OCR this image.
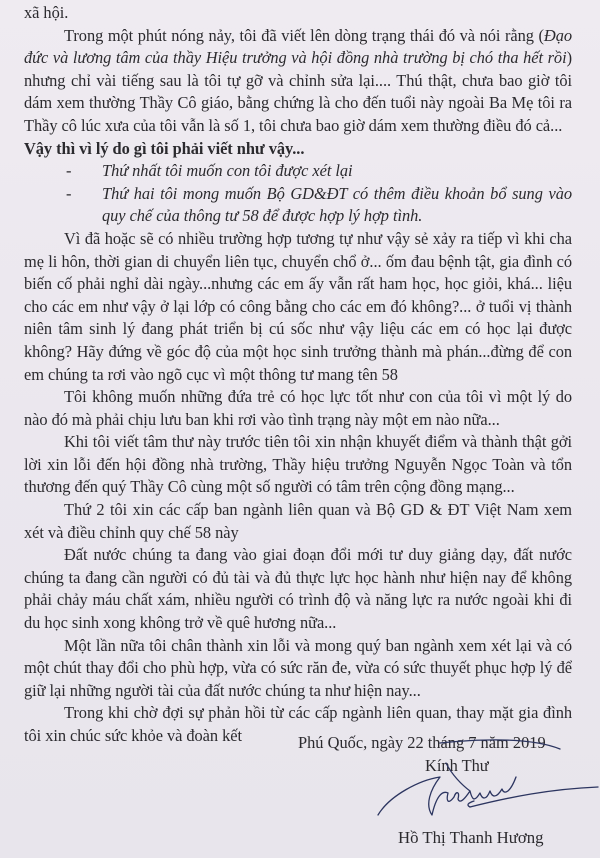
xã hội.

Trong một phút nóng nảy, tôi đã viết lên dòng trạng thái đó và nói rằng (Đạo đức và lương tâm của thầy Hiệu trưởng và hội đồng nhà trường bị chó tha hết rồi) nhưng chỉ vài tiếng sau là tôi tự gỡ và chỉnh sửa lại.... Thú thật, chưa bao giờ tôi dám xem thường Thầy Cô giáo, bằng chứng là cho đến tuổi này ngoài Ba Mẹ tôi ra Thầy cô lúc xưa của tôi vẫn là số 1, tôi chưa bao giờ dám xem thường điều đó cả...

Vậy thì vì lý do gì tôi phải viết như vậy...

- Thứ nhất tôi muốn con tôi được xét lại
- Thứ hai tôi mong muốn Bộ GD&ĐT có thêm điều khoản bổ sung vào quy chế của thông tư 58 để được hợp lý hợp tình.

Vì đã hoặc sẽ có nhiều trường hợp tương tự như vậy sẻ xảy ra tiếp vì khi cha mẹ li hôn, thời gian di chuyển liên tục, chuyển chổ ở... ốm đau bệnh tật, gia đình có biến cố phải nghỉ dài ngày...nhưng các em ấy vẫn rất ham học, học giỏi, khá... liệu cho các em như vậy ở lại lớp có công bằng cho các em đó không?... ở tuổi vị thành niên tâm sinh lý đang phát triển bị cú sốc như vậy liệu các em có học lại được không? Hãy đứng về góc độ của một học sinh trưởng thành mà phán...đừng để con em chúng ta rơi vào ngõ cục vì một thông tư mang tên 58

Tôi không muốn những đứa trẻ có học lực tốt như con của tôi vì một lý do nào đó mà phải chịu lưu ban khi rơi vào tình trạng này một em nào nữa...

Khi tôi viết tâm thư này trước tiên tôi xin nhận khuyết điểm và thành thật gởi lời xin lỗi đến hội đồng nhà trường, Thầy hiệu trưởng Nguyễn Ngọc Toàn và tổn thương đến quý Thầy Cô cùng một số người có tâm trên cộng đồng mạng...

Thứ 2 tôi xin các cấp ban ngành liên quan và Bộ GD & ĐT Việt Nam xem xét và điều chỉnh quy chế 58 này

Đất nước chúng ta đang vào giai đoạn đổi mới tư duy giảng dạy, đất nước chúng ta đang cần người có đủ tài và đủ thực lực học hành như hiện nay để không phải chảy máu chất xám, nhiều người có trình độ và năng lực ra nước ngoài khi đi du học sinh xong không trở về quê hương nữa...

Một lần nữa tôi chân thành xin lỗi và mong quý ban ngành xem xét lại và có một chút thay đổi cho phù hợp, vừa có sức răn đe, vừa có sức thuyết phục hợp lý để giữ lại những người tài của đất nước chúng ta như hiện nay...

Trong khi chờ đợi sự phản hồi từ các cấp ngành liên quan, thay mặt gia đình tôi xin chúc sức khỏe và đoàn kết	Phú Quốc, ngày 22 tháng 7 năm 2019
Kính Thư
Hồ Thị Thanh Hương
